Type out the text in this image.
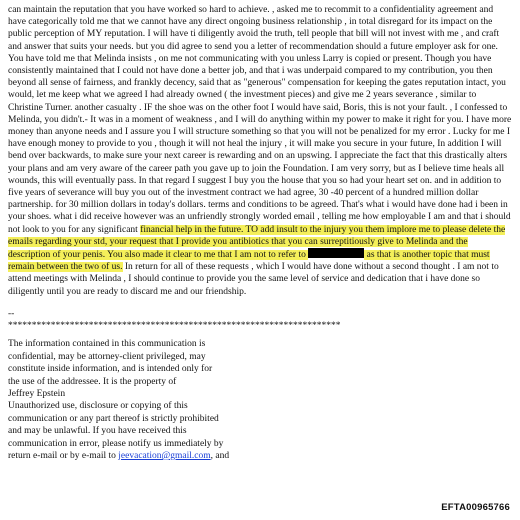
can maintain the reputation that you have worked so hard to achieve. , asked me to recommit to a confidentiality agreement and have categorically told me that we cannot have any direct ongoing business relationship , in total disregard for its impact on the public perception of MY reputation. I will have ti diligently avoid the truth, tell people that bill will not invest with me , and craft and answer that suits your needs. but you did agree to send you a letter of recommendation should a future employer ask for one. You have told me that Melinda insists , on me not communicating with you unless Larry is copied or present. Though you have consistently maintained that I could not have done a better job, and that i was underpaid compared to my contribution, you then beyond all sense of fairness, and frankly decency, said that as "generous" compensation for keeping the gates reputation intact, you would, let me keep what we agreed I had already owned ( the investment pieces) and give me 2 years severance , similar to Christine Turner. another casualty . IF the shoe was on the other foot I would have said, Boris, this is not your fault. , I confessed to Melinda, you didn't.- It was in a moment of weakness , and I will do anything within my power to make it right for you. I have more money than anyone needs and I assure you I will structure something so that you will not be penalized for my error . Lucky for me I have enough money to provide to you , though it will not heal the injury , it will make you secure in your future, In addition I will bend over backwards, to make sure your next career is rewarding and on an upswing. I appreciate the fact that this drastically alters your plans and am very aware of the career path you gave up to join the Foundation. I am very sorry, but as I believe time heals all wounds, this will eventually pass. In that regard I suggest I buy you the house that you so had your heart set on. and in addition to five years of severance will buy you out of the investment contract we had agree, 30 -40 percent of a hundred million dollar partnership. for 30 million dollars in today's dollars. terms and conditions to be agreed. That's what i would have done had i been in your shoes. what i did receive however was an unfriendly strongly worded email , telling me how employable I am and that i should not look to you for any significant financial help in the future. TO add insult to the injury you them implore me to please delete the emails regarding your std, your request that I provide you antibiotics that you can surreptitiously give to Melinda and the description of your penis. You also made it clear to me that I am not to refer to	as that is another topic that must remain between the two of us. In return for all of these requests , which I would have done without a second thought . I am not to attend meetings with Melinda , I should continue to provide you the same level of service and dedication that i have done so diligently until you are ready to discard me and our friendship.

--
**********************************************************************
The information contained in this communication is
confidential, may be attorney-client privileged, may
constitute inside information, and is intended only for
the use of the addressee. It is the property of
Jeffrey Epstein
Unauthorized use, disclosure or copying of this
communication or any part thereof is strictly prohibited
and may be unlawful. If you have received this
communication in error, please notify us immediately by
return e-mail or by e-mail to jeevacation@gmail.com, and
EFTA00965766
